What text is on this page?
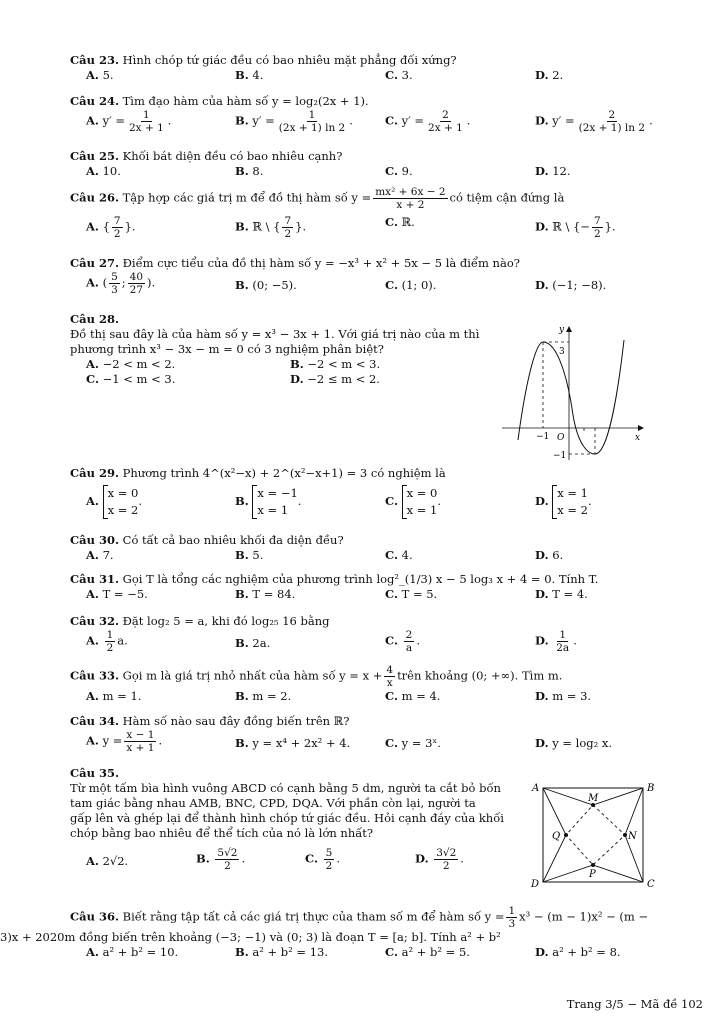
Câu 23. Hình chóp tứ giác đều có bao nhiêu mặt phẳng đối xứng?
A. 5.	B. 4.	C. 3.	D. 2.
Câu 24. Tìm đạo hàm của hàm số y = log₂(2x + 1).
A. $y' = \frac{1}{2x + 1}$ .	B. $y' = \frac{1}{(2x + 1) \ln 2}$ .	C. $y' = \frac{2}{2x + 1}$ .	D. $y' = \frac{2}{(2x + 1) \ln 2}$ .
Câu 25. Khối bát diện đều có bao nhiêu cạnh?
A. 10.	B. 8.	C. 9.	D. 12.
Câu 26. Tập hợp các giá trị m để đồ thị hàm số $y = \frac{\text{mx² + 6x − 2}}{x + 2}$ có tiệm cận đứng là
A. { $\frac{7}{2}$ }.	B. ℝ \ { $\frac{7}{2}$ }.	C. ℝ.	D. ℝ \ {− $\frac{7}{2}$ }.
Câu 27. Điểm cực tiểu của đồ thị hàm số y = −x³ + x² + 5x − 5 là điểm nào?
A. ( $\frac{5}{3}$ ; $\frac{40}{27}$ ).	B. (0; −5).	C. (1; 0).	D. (−1; −8).
Câu 28.
Đồ thị sau đây là của hàm số y = x³ − 3x + 1. Với giá trị nào của m thì
phương trình x³ − 3x − m = 0 có 3 nghiệm phân biệt?
A. −2 < m < 2.	B. −2 < m < 3.
C. −1 < m < 3.	D. −2 ≤ m < 2.
x
y
O
−1
3
−1
Câu 29. Phương trình 4^(x²−x) + 2^(x²−x+1) = 3 có nghiệm là
A.
x = 0
x = 2
.	B.
x = −1
x = 1
.	C.
x = 0
x = 1
.	D.
x = 1
x = 2
.
Câu 30. Có tất cả bao nhiêu khối đa diện đều?
A. 7.	B. 5.	C. 4.	D. 6.
Câu 31. Gọi T là tổng các nghiệm của phương trình log²_(1/3) x − 5 log₃ x + 4 = 0. Tính T.
A. T = −5.	B. T = 84.	C. T = 5.	D. T = 4.
Câu 32. Đặt log₂ 5 = a, khi đó log₂₅ 16 bằng
A. $\frac{1}{2} a$.	B. 2a.	C. $\frac{2}{a}$ .	D. $\frac{1}{2a}$ .
Câu 33. Gọi m là giá trị nhỏ nhất của hàm số $y = x + \frac{4}{x}$ trên khoảng (0; +∞). Tìm m.
A. m = 1.	B. m = 2.	C. m = 4.	D. m = 3.
Câu 34. Hàm số nào sau đây đồng biến trên ℝ?
A. $y = \frac{x - 1}{x + 1}$ .	B. y = x⁴ + 2x² + 4.	C. y = 3ˣ.	D. y = log₂ x.
Câu 35.
Từ một tấm bìa hình vuông ABCD có cạnh bằng 5 dm, người ta cắt bỏ bốn
tam giác bằng nhau AMB, BNC, CPD, DQA. Với phần còn lại, người ta
gấp lên và ghép lại để thành hình chóp tứ giác đều. Hỏi cạnh đáy của khối
chóp bằng bao nhiêu để thể tích của nó là lớn nhất?
A. 2√2.	B. $\frac{5√2}{2}$ .	C. $\frac{5}{2}$ .	D. $\frac{3√2}{2}$ .
A	B
C
D
M
N
P
Q
Câu 36. Biết rằng tập tất cả các giá trị thực của tham số m để hàm số $y = \frac{1}{3} x^3 - (m - 1)x^2 - (m$ −
3)x + 2020m đồng biến trên khoảng (−3; −1) và (0; 3) là đoạn T = [a; b]. Tính a² + b²
A. a² + b² = 10.	B. a² + b² = 13.	C. a² + b² = 5.	D. a² + b² = 8.
Trang 3/5 − Mã đề 102
